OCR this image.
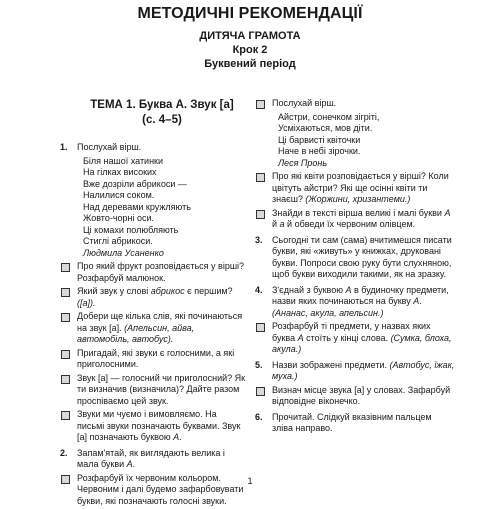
МЕТОДИЧНІ РЕКОМЕНДАЦІЇ
ДИТЯЧА ГРАМОТА
Крок 2
Буквений період
ТЕМА 1. Буква А. Звук [а]
(с. 4–5)
1. Послухай вірш.
Біля нашої хатинки
На гілках високих
Вже дозріли абрикоси —
Налилися соком.
Над деревами кружляють
Жовто-чорні оси.
Ці комахи полюбляють
Стиглі абрикоси.
Людмила Усаненко
Про який фрукт розповідається у вірші? Розфарбуй малюнок.
Який звук у слові абрикос є першим? ([a]).
Добери ще кілька слів, які починаються на звук [а]. (Апельсин, айва, автомобіль, автобус).
Пригадай, які звуки є голосними, а які приголосними.
Звук [а] — голосний чи приголосний? Як ти визначив (визначила)? Дайте разом проспіваємо цей звук.
Звуки ми чуємо і вимовляємо. На письмі звуки позначають буквами. Звук [а] позначають буквою А.
2. Запам'ятай, як виглядають велика і мала букви А.
Розфарбуй їх червоним кольором. Червоним і далі будемо зафарбовувати букви, які позначають голосні звуки.
Послухай вірш.
Айстри, сонечком зігріті,
Усміхаються, мов діти.
Ці барвисті квіточки
Наче в небі зірочки.
Леся Пронь
Про які квіти розповідається у вірші? Коли цвітуть айстри? Які ще осінні квіти ти знаєш? (Жоржини, хризантеми.)
Знайди в тексті вірша великі і малі букви А й а й обведи їх червоним олівцем.
3. Сьогодні ти сам (сама) вчитимешся писати букви, які «живуть» у книжках, друковані букви. Попроси свою руку бути слухняною, щоб букви виходили такими, як на зразку.
4. З'єднай з буквою А в будиночку предмети, назви яких починаються на букву А. (Ананас, акула, апельсин.)
Розфарбуй ті предмети, у назвах яких буква А стоїть у кінці слова. (Сумка, блоха, акула.)
5. Назви зображені предмети. (Автобус, їжак, муха.)
Визнач місце звука [а] у словах. Зафарбуй відповідне віконечко.
6. Прочитай. Слідкуй вказівним пальцем зліва направо.
1
